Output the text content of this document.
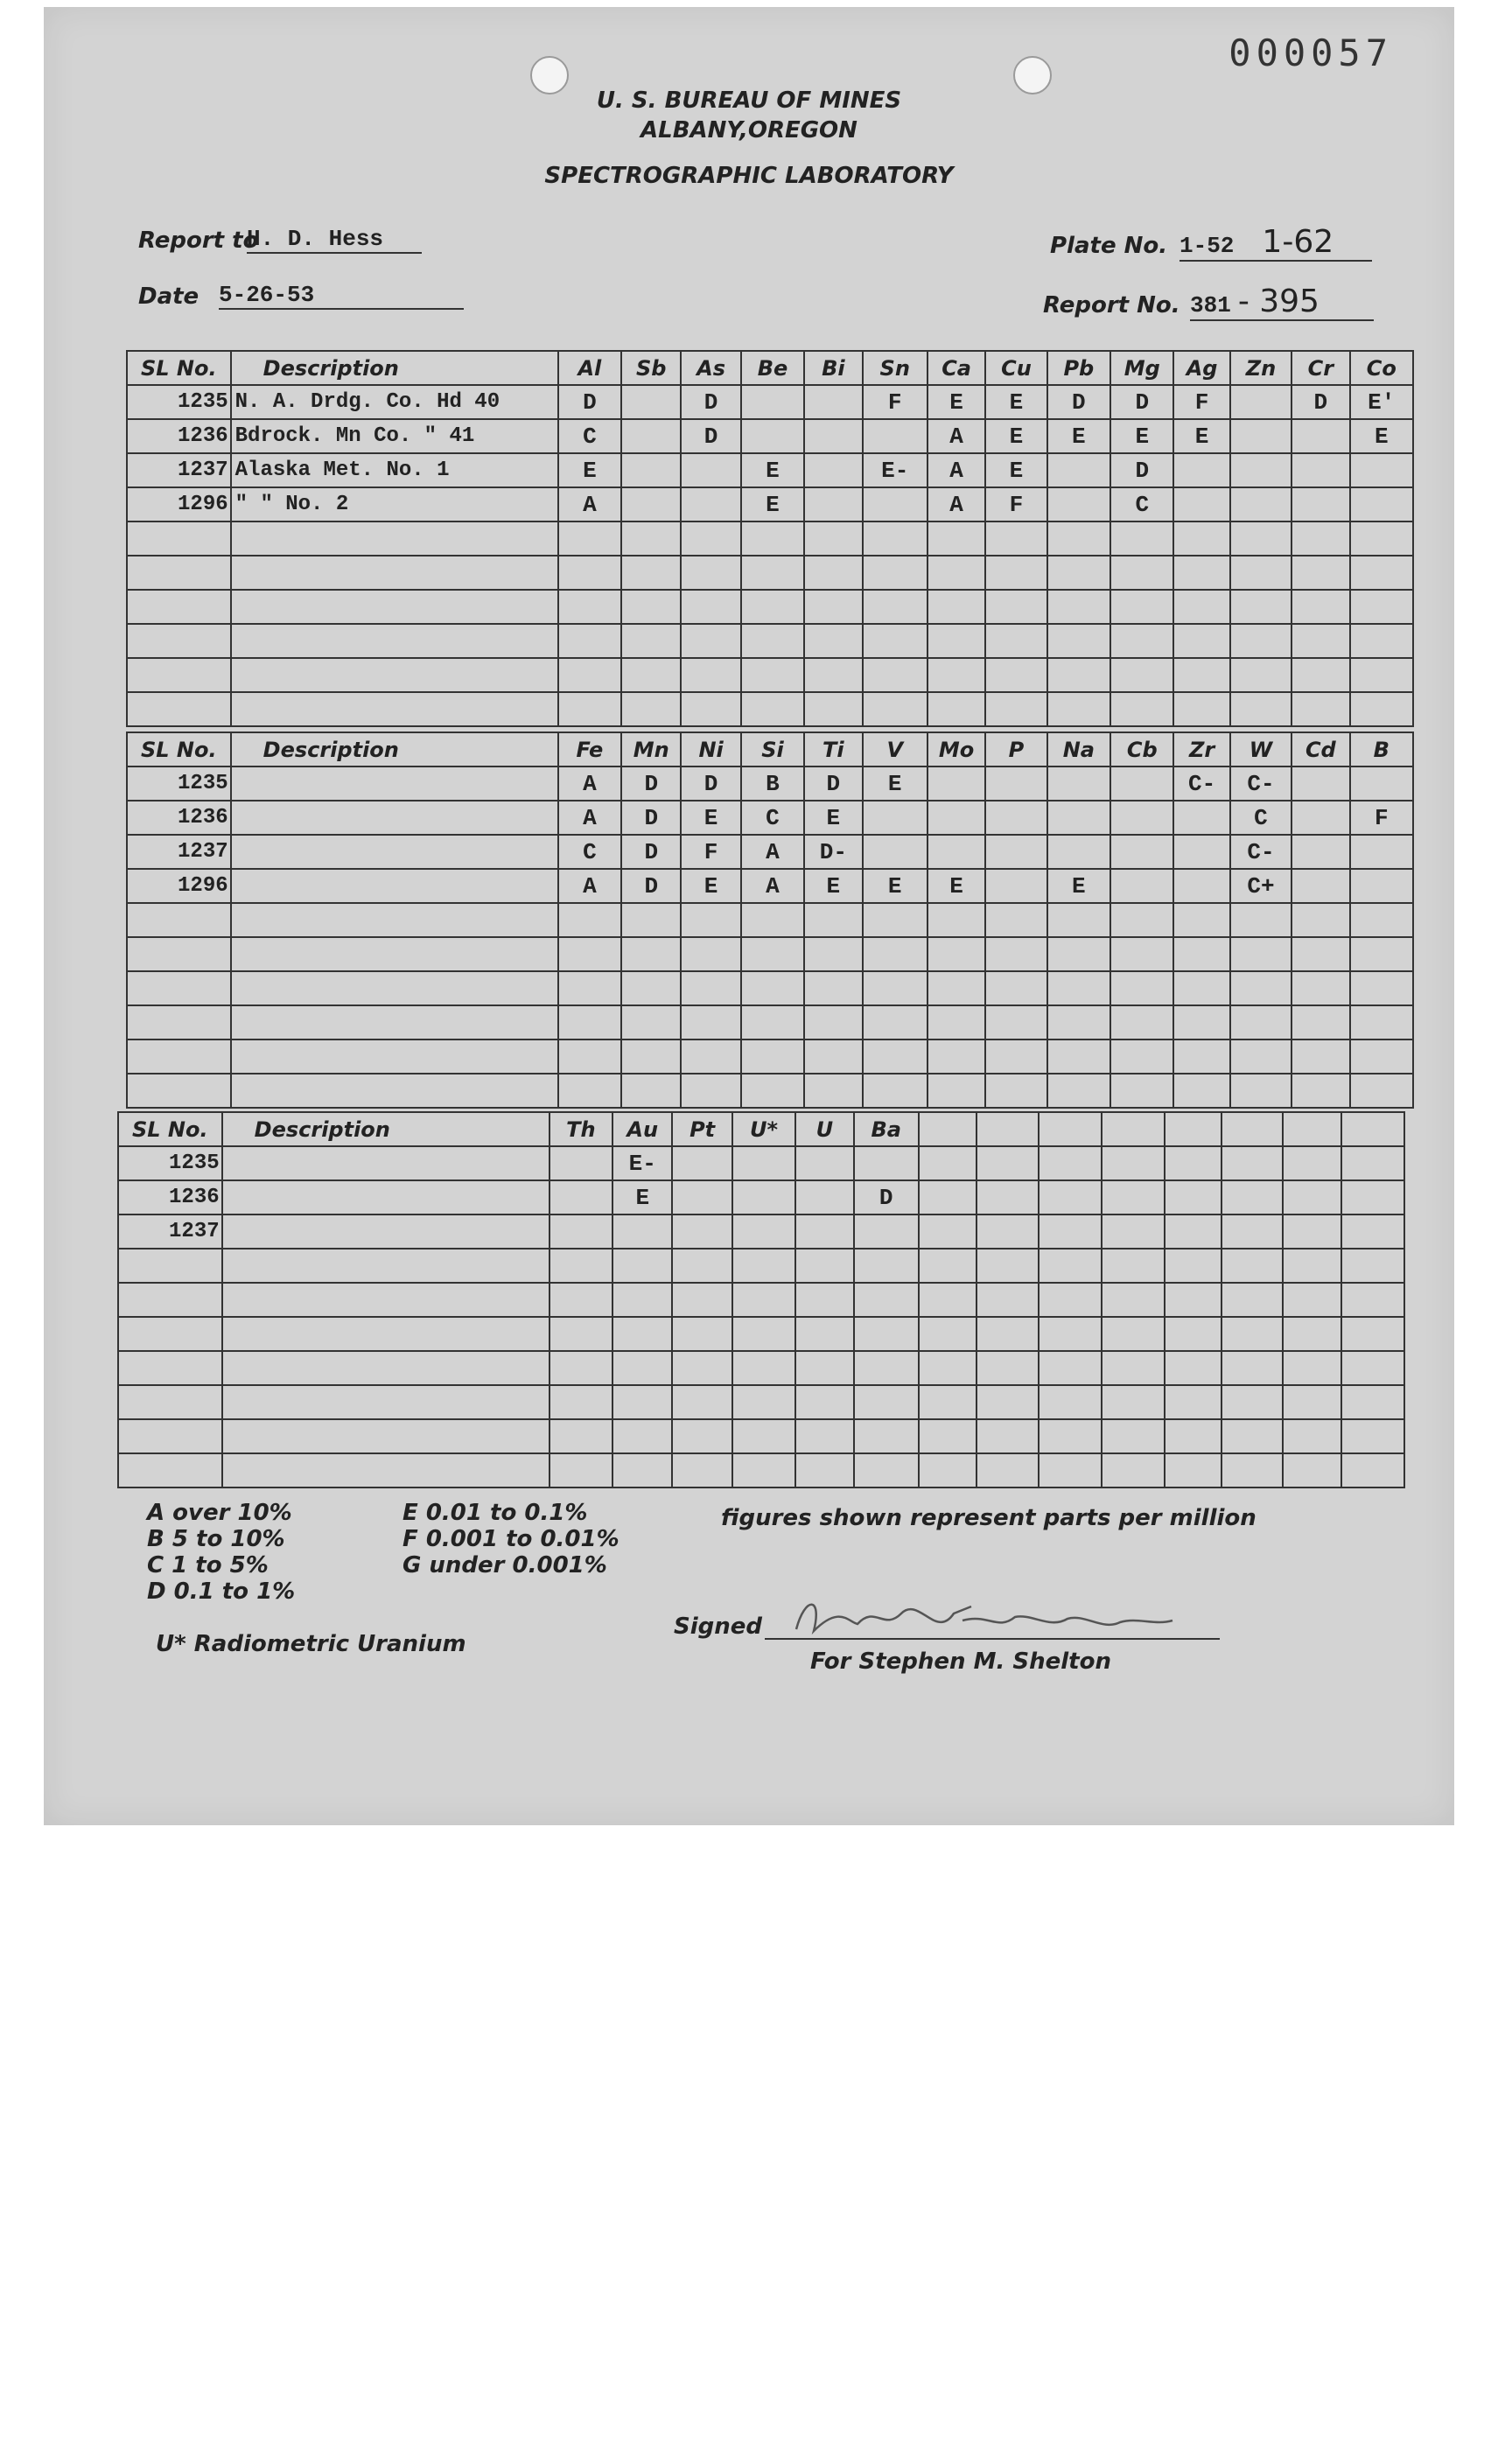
000057
U. S. BUREAU OF MINES
ALBANY,OREGON
SPECTROGRAPHIC LABORATORY
Report to
H. D. Hess
Date 5-26-53
Plate No. 1-52 1-62
Report No. 381 - 395
SL No.	Description	Al	Sb	As	Be	Bi	Sn	Ca	Cu	Pb	Mg	Ag	Zn	Cr	Co
1235	N. A. Drdg. Co. Hd 40	D		D			F	E	E	D	D	F		D	E'
1236	Bdrock. Mn Co. " 41	C		D				A	E	E	E	E			E
1237	Alaska Met. No. 1	E			E		E-	A	E		D				
1296	" " No. 2	A			E			A	F		C				

SL No.	Description	Fe	Mn	Ni	Si	Ti	V	Mo	P	Na	Cb	Zr	W	Cd	B
1235		A	D	D	B	D	E					C-	C-		
1236		A	D	E	C	E							C		F
1237		C	D	F	A	D-							C-		
1296		A	D	E	A	E	E	E		E			C+		

SL No.	Description	Th	Au	Pt	U*	U	Ba								
1235			E-												
1236			E				D								
1237															

A over 10%
B 5 to 10%
C 1 to 5%
D 0.1 to 1%
E 0.01 to 0.1%
F 0.001 to 0.01%
G under 0.001%
figures shown represent parts per million
U* Radiometric Uranium
Signed
For Stephen M. Shelton
